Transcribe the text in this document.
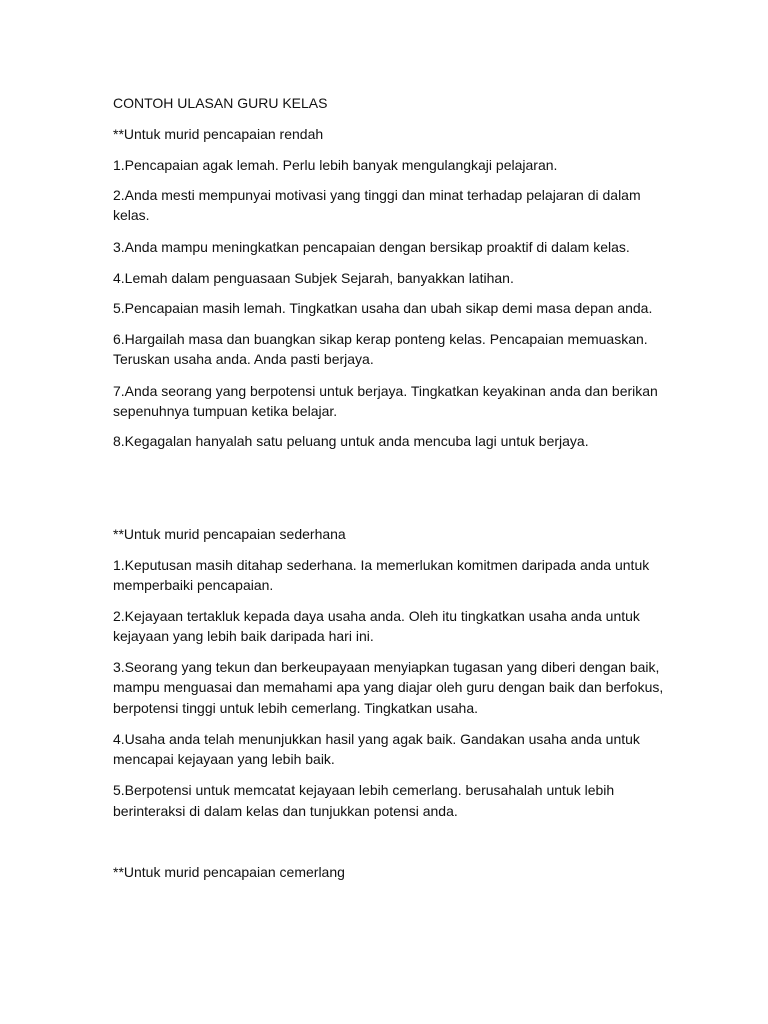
CONTOH ULASAN GURU KELAS

**Untuk murid pencapaian rendah

1.Pencapaian agak lemah. Perlu lebih banyak mengulangkaji pelajaran.

2.Anda mesti mempunyai motivasi yang tinggi dan minat terhadap pelajaran di dalam

kelas.

3.Anda mampu meningkatkan pencapaian dengan bersikap proaktif di dalam kelas.

4.Lemah dalam penguasaan Subjek Sejarah, banyakkan latihan.

5.Pencapaian masih lemah. Tingkatkan usaha dan ubah sikap demi masa depan anda.

6.Hargailah masa dan buangkan sikap kerap ponteng kelas. Pencapaian memuaskan.

Teruskan usaha anda. Anda pasti berjaya.

7.Anda seorang yang berpotensi untuk berjaya. Tingkatkan keyakinan anda dan berikan

sepenuhnya tumpuan ketika belajar.

8.Kegagalan hanyalah satu peluang untuk anda mencuba lagi untuk berjaya.

**Untuk murid pencapaian sederhana

1.Keputusan masih ditahap sederhana. Ia memerlukan komitmen daripada anda untuk

memperbaiki pencapaian.

2.Kejayaan tertakluk kepada daya usaha anda. Oleh itu tingkatkan usaha anda untuk

kejayaan yang lebih baik daripada hari ini.

3.Seorang yang tekun dan berkeupayaan menyiapkan tugasan yang diberi dengan baik,

mampu menguasai dan memahami apa yang diajar oleh guru dengan baik dan berfokus,

berpotensi tinggi untuk lebih cemerlang. Tingkatkan usaha.

4.Usaha anda telah menunjukkan hasil yang agak baik. Gandakan usaha anda untuk

mencapai kejayaan yang lebih baik.

5.Berpotensi untuk memcatat kejayaan lebih cemerlang. berusahalah untuk lebih

berinteraksi di dalam kelas dan tunjukkan potensi anda.

**Untuk murid pencapaian cemerlang
